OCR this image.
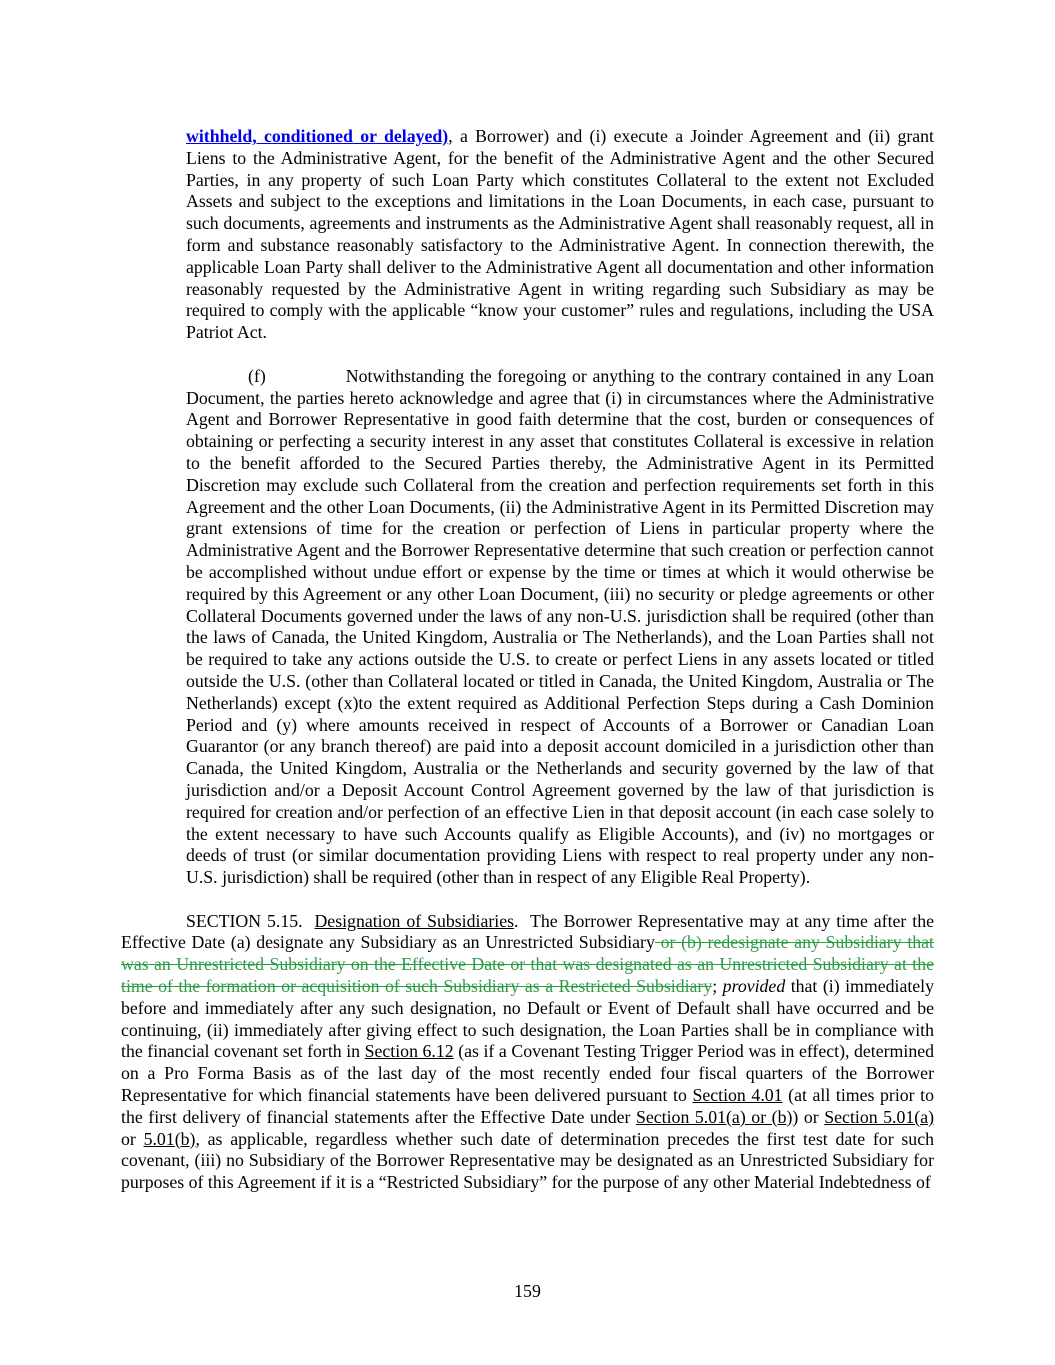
withheld, conditioned or delayed), a Borrower) and (i) execute a Joinder Agreement and (ii) grant Liens to the Administrative Agent, for the benefit of the Administrative Agent and the other Secured Parties, in any property of such Loan Party which constitutes Collateral to the extent not Excluded Assets and subject to the exceptions and limitations in the Loan Documents, in each case, pursuant to such documents, agreements and instruments as the Administrative Agent shall reasonably request, all in form and substance reasonably satisfactory to the Administrative Agent. In connection therewith, the applicable Loan Party shall deliver to the Administrative Agent all documentation and other information reasonably requested by the Administrative Agent in writing regarding such Subsidiary as may be required to comply with the applicable “know your customer” rules and regulations, including the USA Patriot Act.

(f)	Notwithstanding the foregoing or anything to the contrary contained in any Loan Document, the parties hereto acknowledge and agree that (i) in circumstances where the Administrative Agent and Borrower Representative in good faith determine that the cost, burden or consequences of obtaining or perfecting a security interest in any asset that constitutes Collateral is excessive in relation to the benefit afforded to the Secured Parties thereby, the Administrative Agent in its Permitted Discretion may exclude such Collateral from the creation and perfection requirements set forth in this Agreement and the other Loan Documents, (ii) the Administrative Agent in its Permitted Discretion may grant extensions of time for the creation or perfection of Liens in particular property where the Administrative Agent and the Borrower Representative determine that such creation or perfection cannot be accomplished without undue effort or expense by the time or times at which it would otherwise be required by this Agreement or any other Loan Document, (iii) no security or pledge agreements or other Collateral Documents governed under the laws of any non-U.S. jurisdiction shall be required (other than the laws of Canada, the United Kingdom, Australia or The Netherlands), and the Loan Parties shall not be required to take any actions outside the U.S. to create or perfect Liens in any assets located or titled outside the U.S. (other than Collateral located or titled in Canada, the United Kingdom, Australia or The Netherlands) except (x)to the extent required as Additional Perfection Steps during a Cash Dominion Period and (y) where amounts received in respect of Accounts of a Borrower or Canadian Loan Guarantor (or any branch thereof) are paid into a deposit account domiciled in a jurisdiction other than Canada, the United Kingdom, Australia or the Netherlands and security governed by the law of that jurisdiction and/or a Deposit Account Control Agreement governed by the law of that jurisdiction is required for creation and/or perfection of an effective Lien in that deposit account (in each case solely to the extent necessary to have such Accounts qualify as Eligible Accounts), and (iv) no mortgages or deeds of trust (or similar documentation providing Liens with respect to real property under any non-U.S. jurisdiction) shall be required (other than in respect of any Eligible Real Property).

SECTION 5.15.  Designation of Subsidiaries.  The Borrower Representative may at any time after the Effective Date (a) designate any Subsidiary as an Unrestricted Subsidiary or (b) redesignate any Subsidiary that was an Unrestricted Subsidiary on the Effective Date or that was designated as an Unrestricted Subsidiary at the time of the formation or acquisition of such Subsidiary as a Restricted Subsidiary; provided that (i) immediately before and immediately after any such designation, no Default or Event of Default shall have occurred and be continuing, (ii) immediately after giving effect to such designation, the Loan Parties shall be in compliance with the financial covenant set forth in Section 6.12 (as if a Covenant Testing Trigger Period was in effect), determined on a Pro Forma Basis as of the last day of the most recently ended four fiscal quarters of the Borrower Representative for which financial statements have been delivered pursuant to Section 4.01 (at all times prior to the first delivery of financial statements after the Effective Date under Section 5.01(a) or (b)) or Section 5.01(a) or 5.01(b), as applicable, regardless whether such date of determination precedes the first test date for such covenant, (iii) no Subsidiary of the Borrower Representative may be designated as an Unrestricted Subsidiary for purposes of this Agreement if it is a “Restricted Subsidiary” for the purpose of any other Material Indebtedness of

159
